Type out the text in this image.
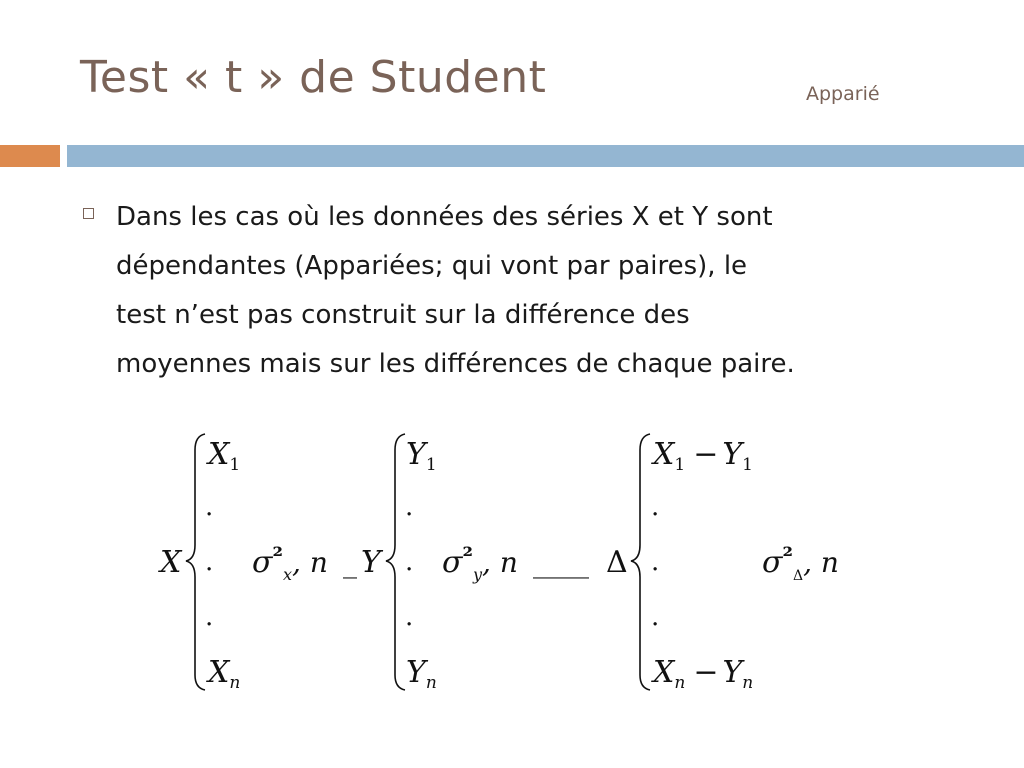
Test « t » de Student	Apparié
Dans les cas où les données des séries X et Y sont
dépendantes (Appariées; qui vont par paires), le
test n’est pas construit sur la différence des
moyennes mais sur les différences de chaque paire.
X
$X_1$
.
.
.
$X_n$
$\sigma^{^2}_x$, n _ Y
$Y_1$
.
.
.
$Y_n$
$\sigma^{^2}_y$, n ____ Δ
$X_1 - Y_1$
.
.
.
$X_n - Y_n$
$\sigma^{^2}_\Delta$, n
